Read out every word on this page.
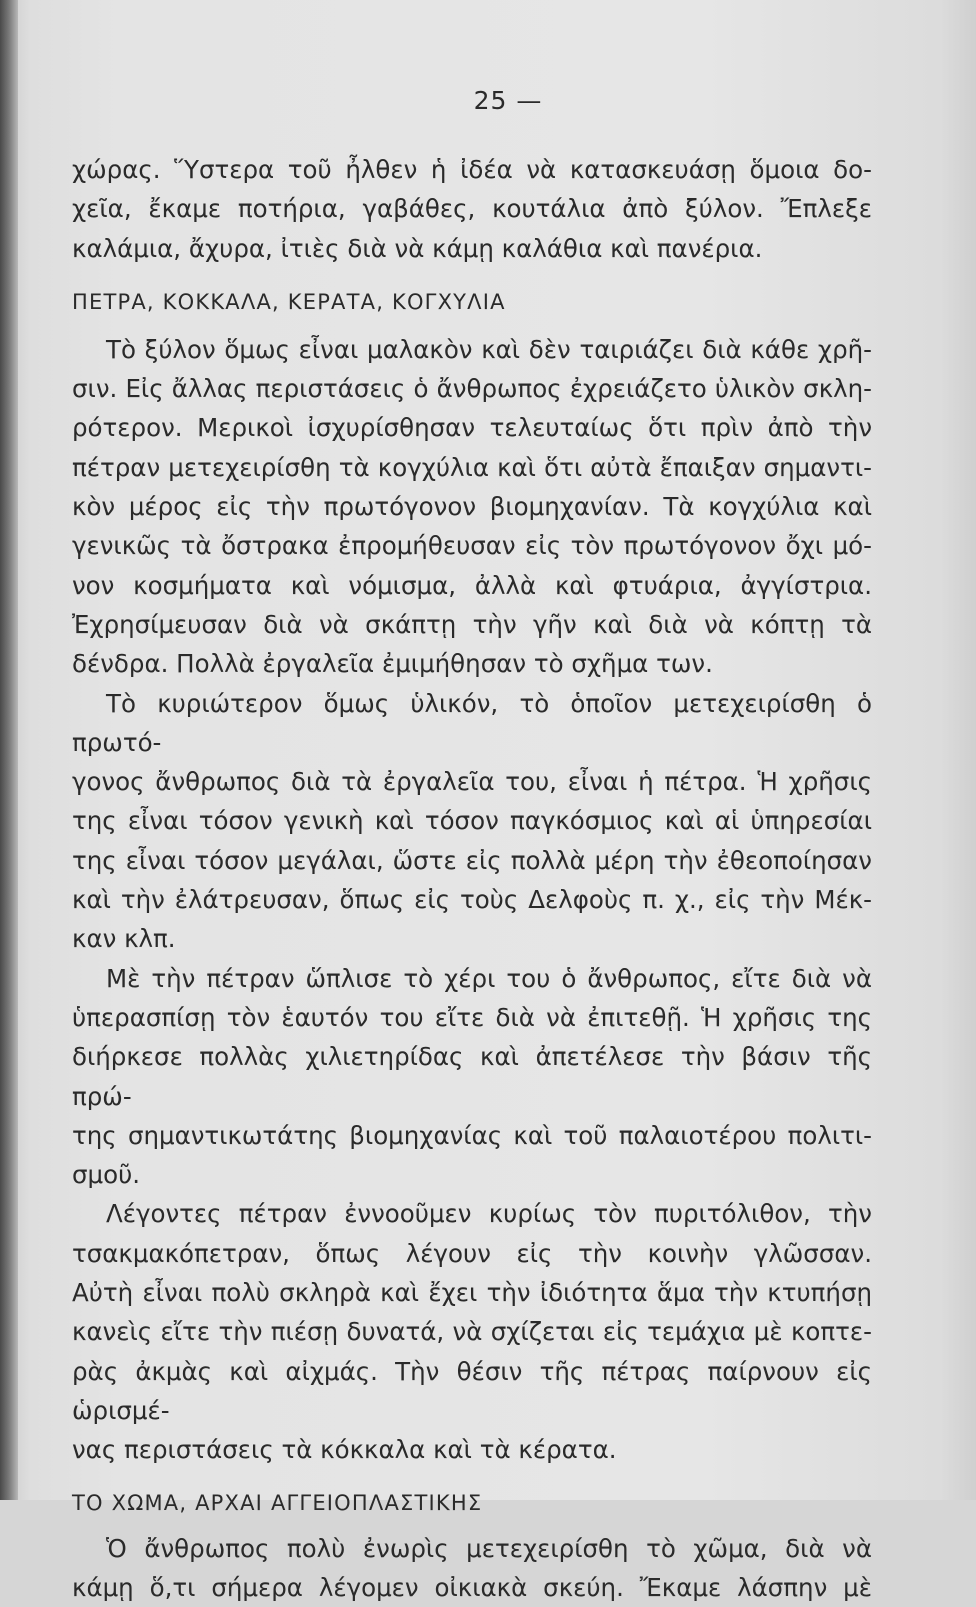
25 —

χώρας. Ὕστερα τοῦ ἦλθεν ἡ ἰδέα νὰ κατασκευάσῃ ὅμοια δο-

χεῖα, ἔκαμε ποτήρια, γαβάθες, κουτάλια ἀπὸ ξύλον. Ἔπλεξε

καλάμια, ἄχυρα, ἰτιὲς διὰ νὰ κάμῃ καλάθια καὶ πανέρια.

ΠΕΤΡΑ, ΚΟΚΚΑΛΑ, ΚΕΡΑΤΑ, ΚΟΓΧΥΛΙΑ

Τὸ ξύλον ὅμως εἶναι μαλακὸν καὶ δὲν ταιριάζει διὰ κάθε χρῆ-

σιν. Εἰς ἄλλας περιστάσεις ὁ ἄνθρωπος ἐχρειάζετο ὑλικὸν σκλη-

ρότερον. Μερικοὶ ἰσχυρίσθησαν τελευταίως ὅτι πρὶν ἀπὸ τὴν

πέτραν μετεχειρίσθη τὰ κογχύλια καὶ ὅτι αὐτὰ ἔπαιξαν σημαντι-

κὸν μέρος εἰς τὴν πρωτόγονον βιομηχανίαν. Τὰ κογχύλια καὶ

γενικῶς τὰ ὄστρακα ἐπρομήθευσαν εἰς τὸν πρωτόγονον ὄχι μό-

νον κοσμήματα καὶ νόμισμα, ἀλλὰ καὶ φτυάρια, ἀγγίστρια.

Ἐχρησίμευσαν διὰ νὰ σκάπτῃ τὴν γῆν καὶ διὰ νὰ κόπτῃ τὰ

δένδρα. Πολλὰ ἐργαλεῖα ἐμιμήθησαν τὸ σχῆμα των.

Τὸ κυριώτερον ὅμως ὑλικόν, τὸ ὁποῖον μετεχειρίσθη ὁ πρωτό-

γονος ἄνθρωπος διὰ τὰ ἐργαλεῖα του, εἶναι ἡ πέτρα. Ἡ χρῆσις

της εἶναι τόσον γενικὴ καὶ τόσον παγκόσμιος καὶ αἱ ὑπηρεσίαι

της εἶναι τόσον μεγάλαι, ὥστε εἰς πολλὰ μέρη τὴν ἐθεοποίησαν

καὶ τὴν ἐλάτρευσαν, ὅπως εἰς τοὺς Δελφοὺς π. χ., εἰς τὴν Μέκ-

καν κλπ.

Μὲ τὴν πέτραν ὥπλισε τὸ χέρι του ὁ ἄνθρωπος, εἴτε διὰ νὰ

ὑπερασπίσῃ τὸν ἑαυτόν του εἴτε διὰ νὰ ἐπιτεθῇ. Ἡ χρῆσις της

διήρκεσε πολλὰς χιλιετηρίδας καὶ ἀπετέλεσε τὴν βάσιν τῆς πρώ-

της σημαντικωτάτης βιομηχανίας καὶ τοῦ παλαιοτέρου πολιτι-

σμοῦ.

Λέγοντες πέτραν ἐννοοῦμεν κυρίως τὸν πυριτόλιθον, τὴν

τσακμακόπετραν, ὅπως λέγουν εἰς τὴν κοινὴν γλῶσσαν.

Αὐτὴ εἶναι πολὺ σκληρὰ καὶ ἔχει τὴν ἰδιότητα ἅμα τὴν κτυπήσῃ

κανεὶς εἴτε τὴν πιέσῃ δυνατά, νὰ σχίζεται εἰς τεμάχια μὲ κοπτε-

ρὰς ἀκμὰς καὶ αἰχμάς. Τὴν θέσιν τῆς πέτρας παίρνουν εἰς ὡρισμέ-

νας περιστάσεις τὰ κόκκαλα καὶ τὰ κέρατα.

ΤΟ ΧΩΜΑ, ΑΡΧΑΙ ΑΓΓΕΙΟΠΛΑΣΤΙΚΗΣ

Ὁ ἄνθρωπος πολὺ ἐνωρὶς μετεχειρίσθη τὸ χῶμα, διὰ νὰ

κάμῃ ὅ,τι σήμερα λέγομεν οἰκιακὰ σκεύη. Ἔκαμε λάσπην μὲ
